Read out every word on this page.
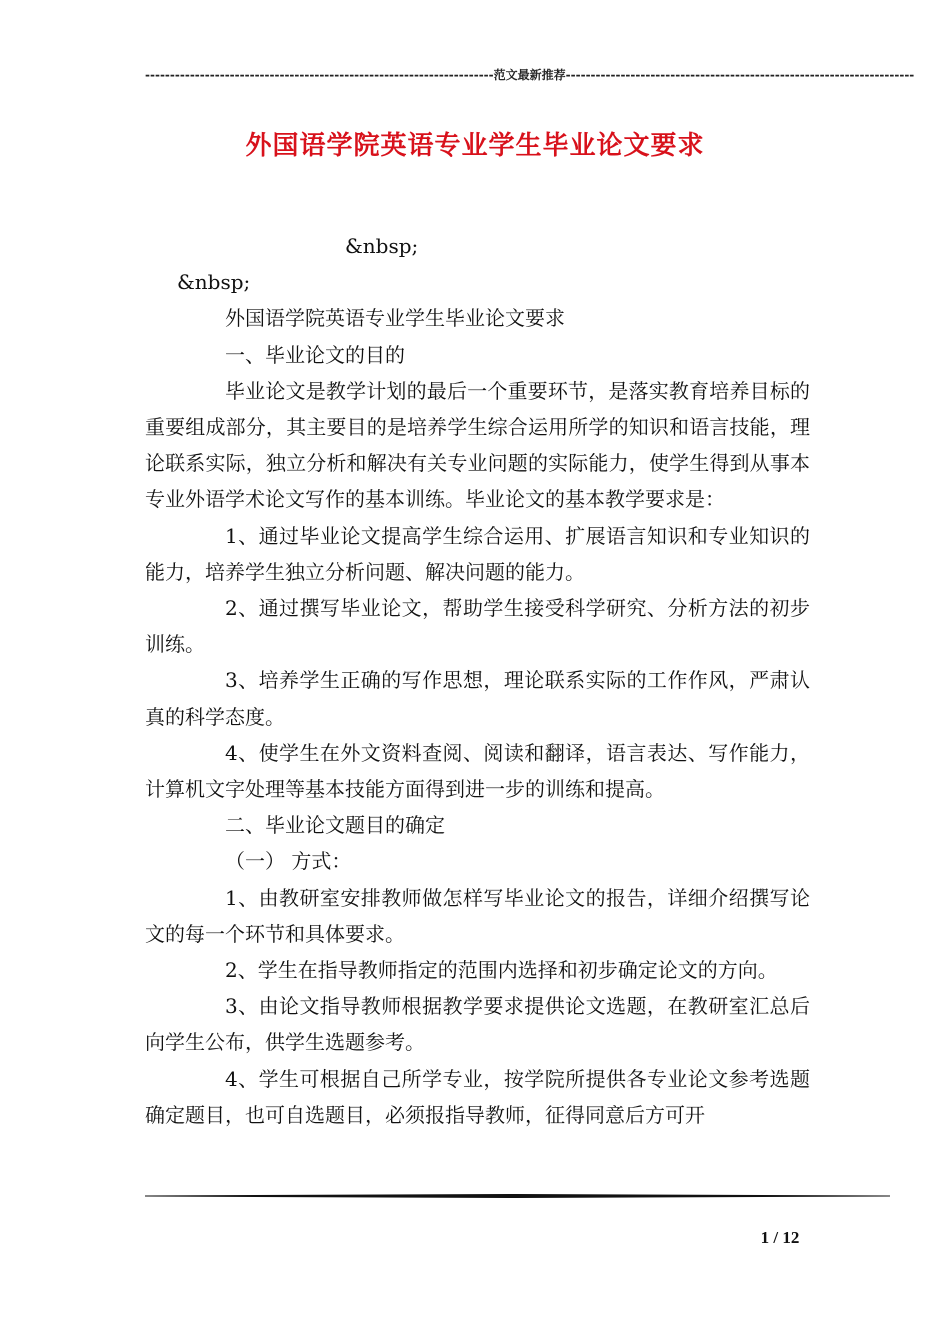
----------------------------------------------------------------------范文最新推荐----------------------------------------------------------------------
外国语学院英语专业学生毕业论文要求

&nbsp;

&nbsp;

外国语学院英语专业学生毕业论文要求

一、毕业论文的目的

毕业论文是教学计划的最后一个重要环节，是落实教育培养目标的重要组成部分，其主要目的是培养学生综合运用所学的知识和语言技能，理论联系实际，独立分析和解决有关专业问题的实际能力，使学生得到从事本专业外语学术论文写作的基本训练。毕业论文的基本教学要求是：

1、通过毕业论文提高学生综合运用、扩展语言知识和专业知识的能力，培养学生独立分析问题、解决问题的能力。

2、通过撰写毕业论文，帮助学生接受科学研究、分析方法的初步训练。

3、培养学生正确的写作思想，理论联系实际的工作作风，严肃认真的科学态度。

4、使学生在外文资料查阅、阅读和翻译，语言表达、写作能力，计算机文字处理等基本技能方面得到进一步的训练和提高。

二、毕业论文题目的确定

（一） 方式：

1、由教研室安排教师做怎样写毕业论文的报告，详细介绍撰写论文的每一个环节和具体要求。

2、学生在指导教师指定的范围内选择和初步确定论文的方向。

3、由论文指导教师根据教学要求提供论文选题，在教研室汇总后向学生公布，供学生选题参考。

4、学生可根据自己所学专业，按学院所提供各专业论文参考选题确定题目，也可自选题目，必须报指导教师，征得同意后方可开

1 / 12
